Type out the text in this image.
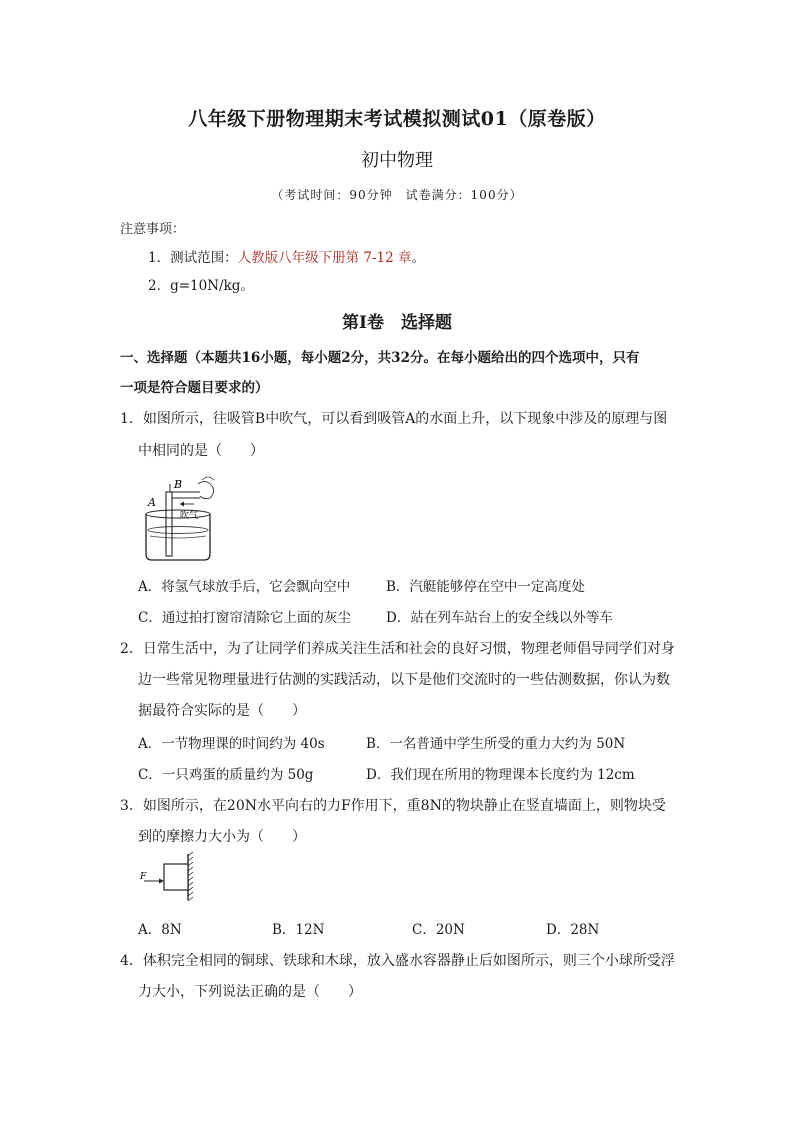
八年级下册物理期末考试模拟测试01（原卷版）
初中物理
（考试时间：90分钟　试卷满分：100分）
注意事项：
1．测试范围：人教版八年级下册第 7-12 章。
2．g=10N/kg。
第Ⅰ卷　选择题
一、选择题（本题共16小题，每小题2分，共32分。在每小题给出的四个选项中，只有
一项是符合题目要求的）
1．如图所示，往吸管B中吹气，可以看到吸管A的水面上升，以下现象中涉及的原理与图
中相同的是（　　）
A
B
吹气
A．将氢气球放手后，它会飘向空中	B．汽艇能够停在空中一定高度处
C．通过拍打窗帘清除它上面的灰尘	D．站在列车站台上的安全线以外等车
2．日常生活中，为了让同学们养成关注生活和社会的良好习惯，物理老师倡导同学们对身
边一些常见物理量进行估测的实践活动，以下是他们交流时的一些估测数据，你认为数
据最符合实际的是（　　）
A．一节物理课的时间约为 40s	B．一名普通中学生所受的重力大约为 50N
C．一只鸡蛋的质量约为 50g	D．我们现在所用的物理课本长度约为 12cm
3．如图所示，在20N水平向右的力F作用下，重8N的物块静止在竖直墙面上，则物块受
到的摩擦力大小为（　　）
F
A．8N	B．12N	C．20N	D．28N
4．体积完全相同的铜球、铁球和木球，放入盛水容器静止后如图所示，则三个小球所受浮
力大小，下列说法正确的是（　　）
